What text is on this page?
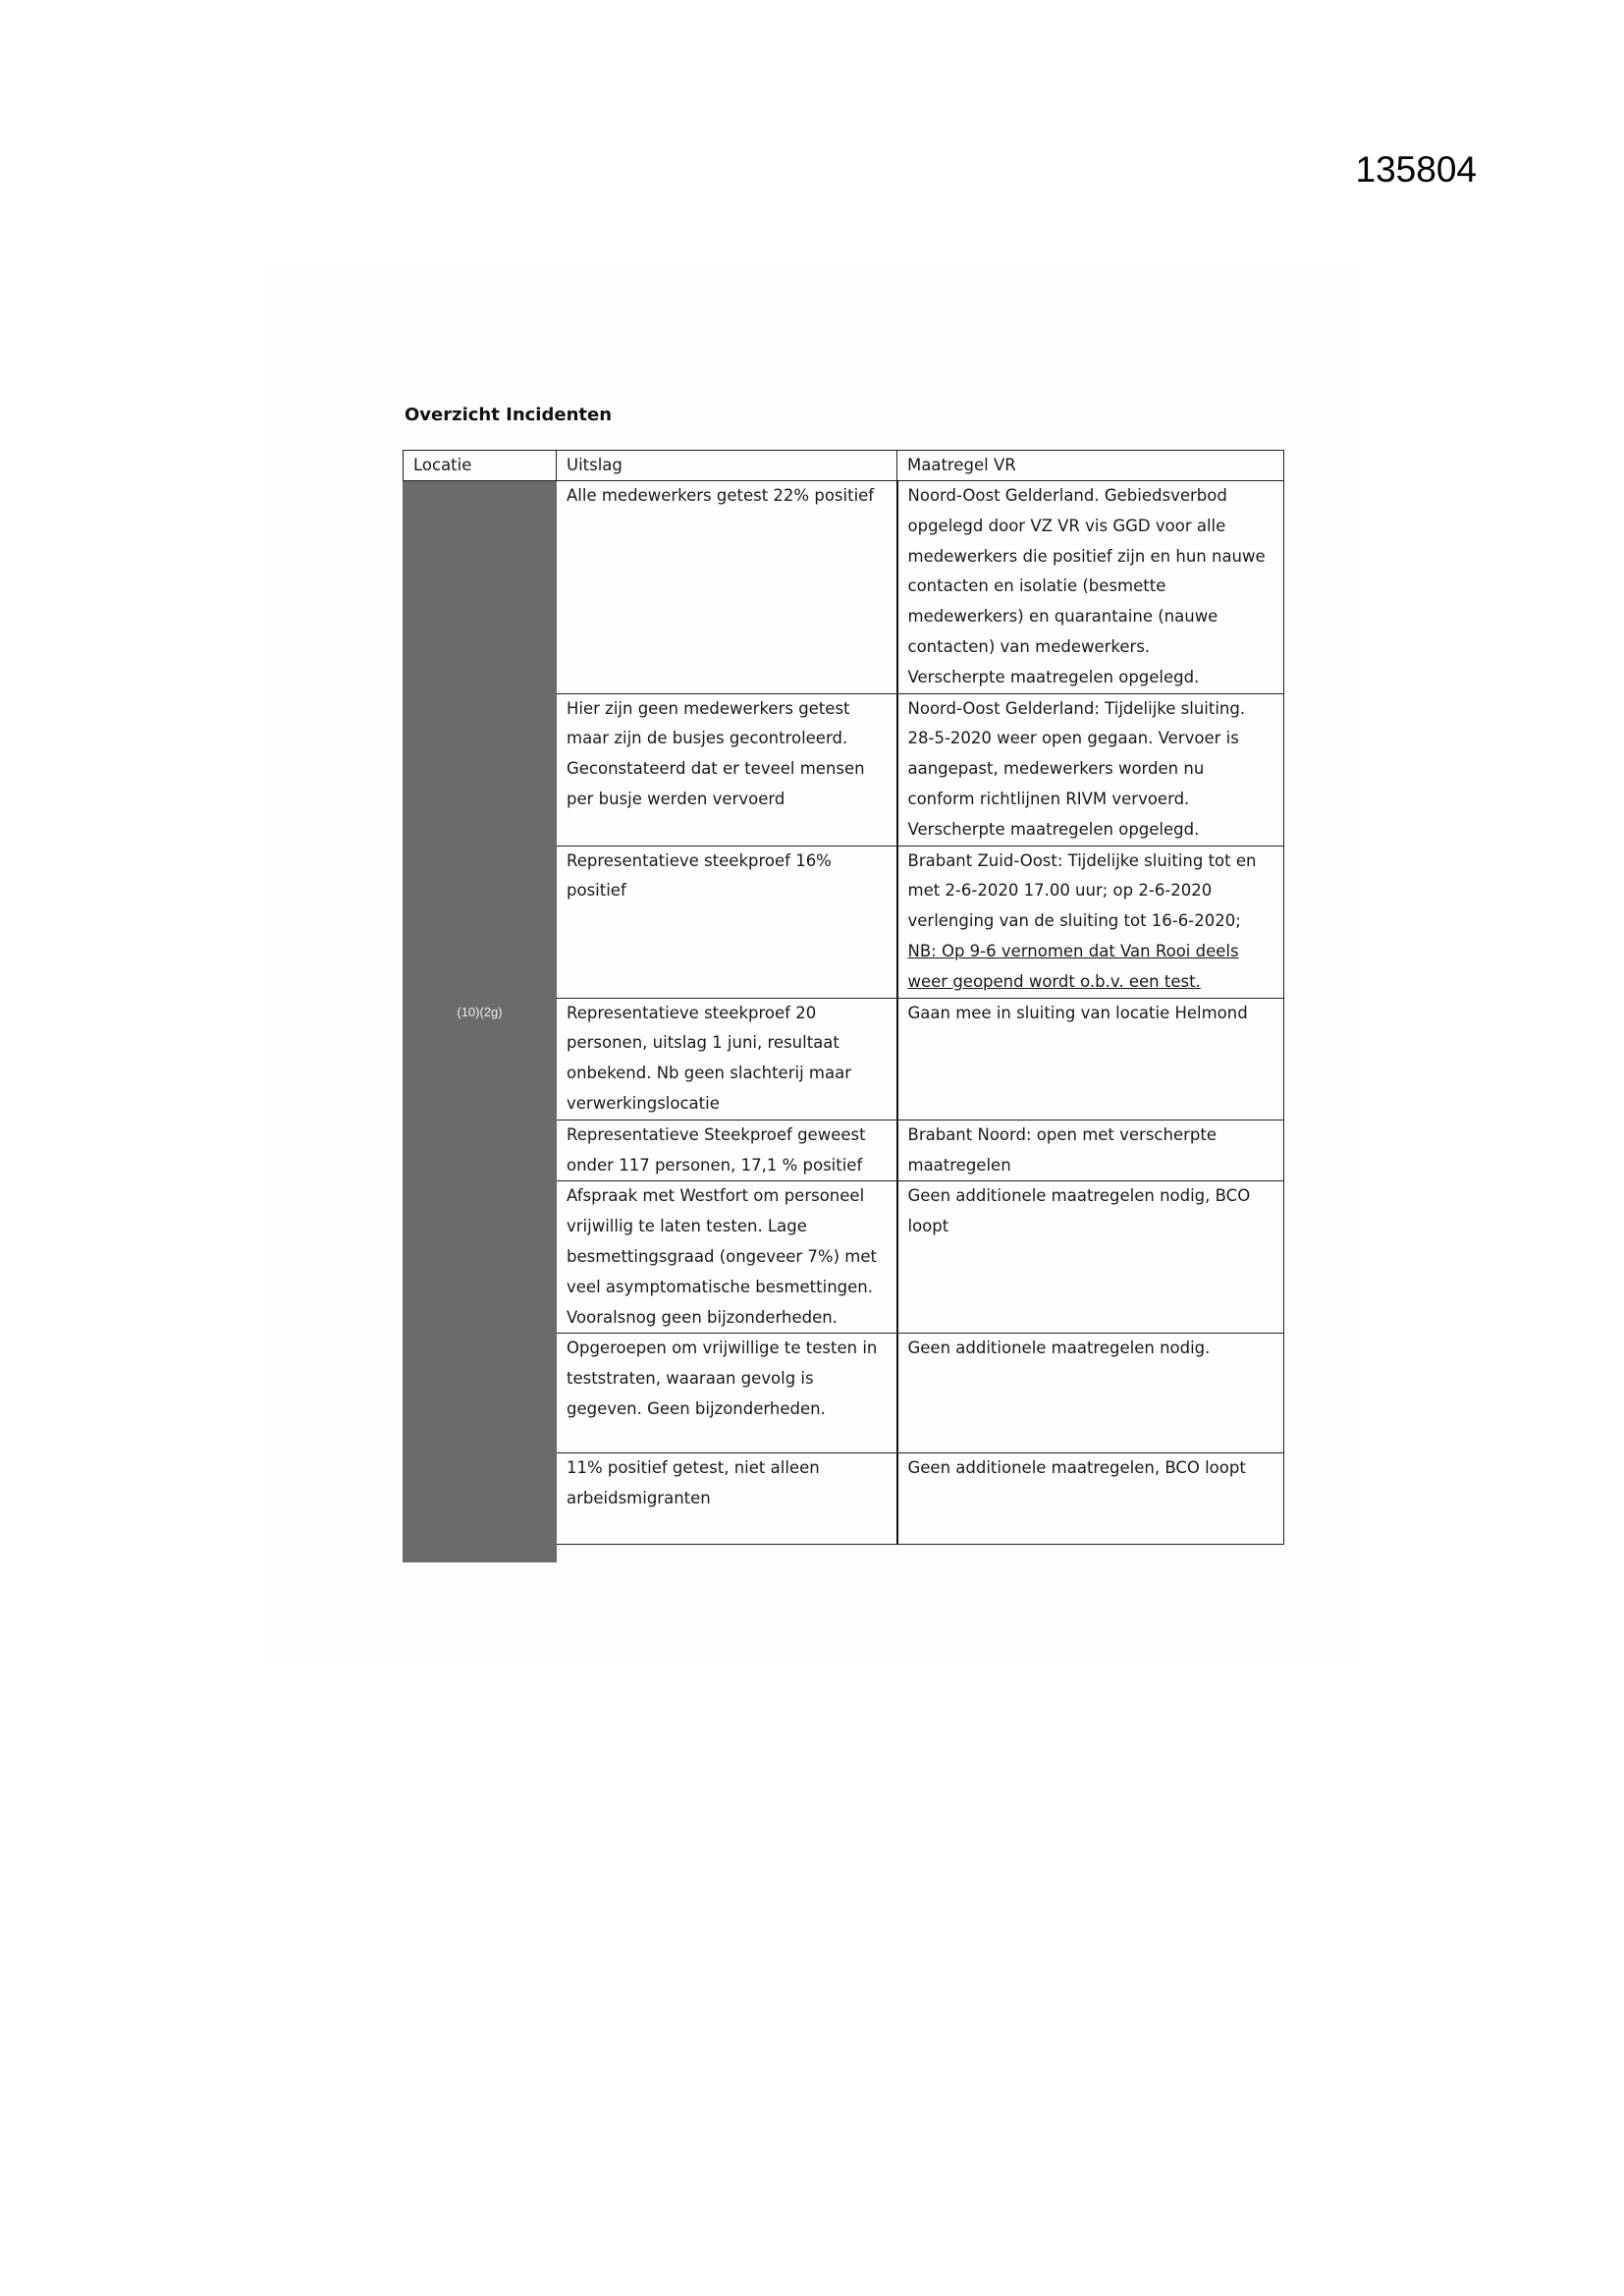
135804
Overzicht Incidenten
Locatie	Uitslag	Maatregel VR
(10)(2g)	Alle medewerkers getest 22% positief	Noord-Oost Gelderland. Gebiedsverbod opgelegd door VZ VR vis GGD voor alle medewerkers die positief zijn en hun nauwe contacten en isolatie (besmette medewerkers) en quarantaine (nauwe contacten) van medewerkers.
Verscherpte maatregelen opgelegd.

	Hier zijn geen medewerkers getest maar zijn de busjes gecontroleerd. Geconstateerd dat er teveel mensen per busje werden vervoerd	Noord-Oost Gelderland: Tijdelijke sluiting. 28-5-2020 weer open gegaan. Vervoer is aangepast, medewerkers worden nu conform richtlijnen RIVM vervoerd.
Verscherpte maatregelen opgelegd.

	Representatieve steekproef 16% positief	Brabant Zuid-Oost: Tijdelijke sluiting tot en met 2-6-2020 17.00 uur; op 2-6-2020 verlenging van de sluiting tot 16-6-2020;
NB: Op 9-6 vernomen dat Van Rooi deels weer geopend wordt o.b.v. een test.

	Representatieve steekproef 20 personen, uitslag 1 juni, resultaat onbekend. Nb geen slachterij maar verwerkingslocatie	Gaan mee in sluiting van locatie Helmond

	Representatieve Steekproef geweest onder 117 personen, 17,1 % positief	Brabant Noord: open met verscherpte maatregelen

	Afspraak met Westfort om personeel vrijwillig te laten testen. Lage besmettingsgraad (ongeveer 7%) met veel asymptomatische besmettingen. Vooralsnog geen bijzonderheden.	Geen additionele maatregelen nodig, BCO loopt

	Opgeroepen om vrijwillige te testen in teststraten, waaraan gevolg is gegeven. Geen bijzonderheden.	Geen additionele maatregelen nodig.

	11% positief getest, niet alleen arbeidsmigranten	Geen additionele maatregelen, BCO loopt
